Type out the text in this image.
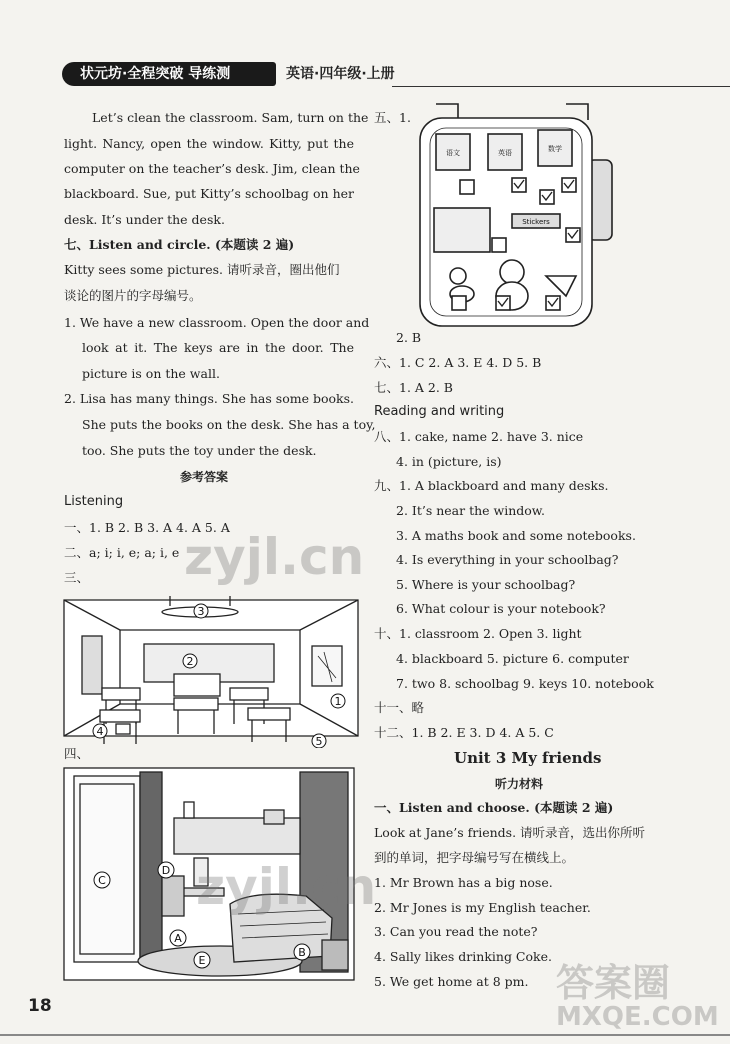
状元坊·全程突破 导练测	英语·四年级·上册
Let’s clean the classroom. Sam, turn on the
light. Nancy, open the window. Kitty, put the
computer on the teacher’s desk. Jim, clean the
blackboard. Sue, put Kitty’s schoolbag on her
desk. It’s under the desk.
七、Listen and circle. (本题读 2 遍)
Kitty sees some pictures. 请听录音，圈出他们
谈论的图片的字母编号。
1. We have a new classroom. Open the door and
look at it. The keys are in the door. The
picture is on the wall.
2. Lisa has many things. She has some books.
She puts the books on the desk. She has a toy,
too. She puts the toy under the desk.
参考答案
Listening
一、1. B 2. B 3. A 4. A 5. A
二、a; i; i, e; a; i, e
三、
3
2
1
4
5
四、
D
C
A
E
B
五、1.
语文	英语	数学
Stickers
2. B
六、1. C 2. A 3. E 4. D 5. B
七、1. A 2. B
Reading and writing
八、1. cake, name 2. have 3. nice
4. in (picture, is)
九、1. A blackboard and many desks.
2. It’s near the window.
3. A maths book and some notebooks.
4. Is everything in your schoolbag?
5. Where is your schoolbag?
6. What colour is your notebook?
十、1. classroom 2. Open 3. light
4. blackboard 5. picture 6. computer
7. two 8. schoolbag 9. keys 10. notebook
十一、略
十二、1. B 2. E 3. D 4. A 5. C
Unit 3 My friends
听力材料
一、Listen and choose. (本题读 2 遍)
Look at Jane’s friends. 请听录音，选出你所听
到的单词，把字母编号写在横线上。
1. Mr Brown has a big nose.
2. Mr Jones is my English teacher.
3. Can you read the note?
4. Sally likes drinking Coke.
5. We get home at 8 pm.
zyjl.cn
zyjl.cn
答案圈
MXQE.COM
18
